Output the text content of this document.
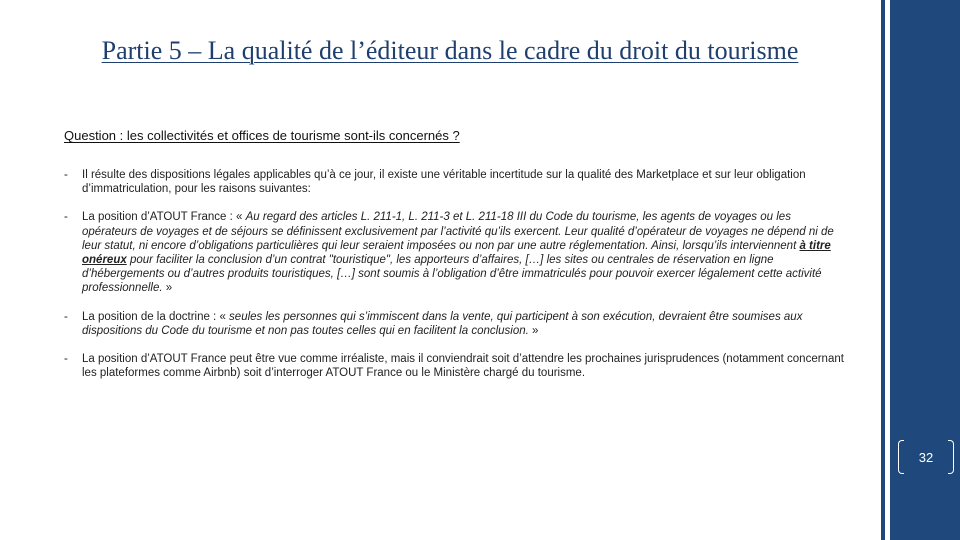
Partie 5 – La qualité de l’éditeur dans le cadre du droit du tourisme
Question : les collectivités et offices de tourisme sont-ils concernés ?
- Il résulte des dispositions légales applicables qu’à ce jour, il existe une véritable incertitude sur la qualité des Marketplace et sur leur obligation d’immatriculation, pour les raisons suivantes:
- La position d’ATOUT France : « Au regard des articles L. 211-1, L. 211-3 et L. 211-18 III du Code du tourisme, les agents de voyages ou les opérateurs de voyages et de séjours se définissent exclusivement par l’activité qu’ils exercent. Leur qualité d’opérateur de voyages ne dépend ni de leur statut, ni encore d’obligations particulières qui leur seraient imposées ou non par une autre réglementation. Ainsi, lorsqu’ils interviennent à titre onéreux pour faciliter la conclusion d’un contrat "touristique", les apporteurs d’affaires, […] les sites ou centrales de réservation en ligne d’hébergements ou d’autres produits touristiques, […] sont soumis à l’obligation d’être immatriculés pour pouvoir exercer légalement cette activité professionnelle. »
- La position de la doctrine : « seules les personnes qui s’immiscent dans la vente, qui participent à son exécution, devraient être soumises aux dispositions du Code du tourisme et non pas toutes celles qui en facilitent la conclusion. »
- La position d’ATOUT France peut être vue comme irréaliste, mais il conviendrait soit d’attendre les prochaines jurisprudences (notamment concernant les plateformes comme Airbnb) soit d’interroger ATOUT France ou le Ministère chargé du tourisme.
32
